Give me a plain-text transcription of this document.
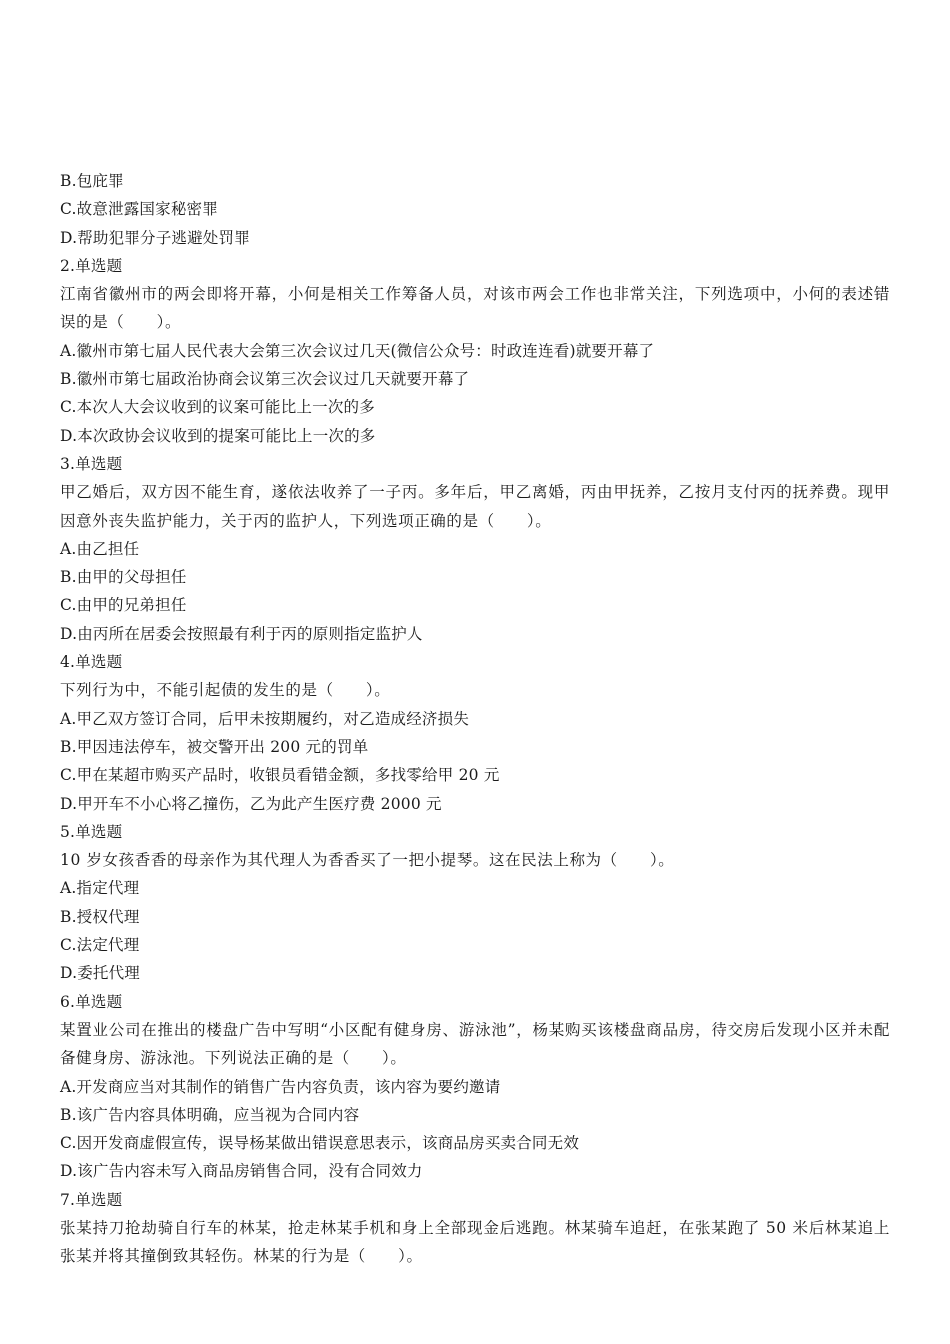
B.包庇罪
C.故意泄露国家秘密罪
D.帮助犯罪分子逃避处罚罪
2.单选题
江南省徽州市的两会即将开幕，小何是相关工作筹备人员，对该市两会工作也非常关注，下列选项中，小何的表述错误的是（　　）。
A.徽州市第七届人民代表大会第三次会议过几天(微信公众号：时政连连看)就要开幕了
B.徽州市第七届政治协商会议第三次会议过几天就要开幕了
C.本次人大会议收到的议案可能比上一次的多
D.本次政协会议收到的提案可能比上一次的多
3.单选题
甲乙婚后，双方因不能生育，遂依法收养了一子丙。多年后，甲乙离婚，丙由甲抚养，乙按月支付丙的抚养费。现甲因意外丧失监护能力，关于丙的监护人，下列选项正确的是（　　）。
A.由乙担任
B.由甲的父母担任
C.由甲的兄弟担任
D.由丙所在居委会按照最有利于丙的原则指定监护人
4.单选题
下列行为中，不能引起债的发生的是（　　）。
A.甲乙双方签订合同，后甲未按期履约，对乙造成经济损失
B.甲因违法停车，被交警开出 200 元的罚单
C.甲在某超市购买产品时，收银员看错金额，多找零给甲 20 元
D.甲开车不小心将乙撞伤，乙为此产生医疗费 2000 元
5.单选题
10 岁女孩香香的母亲作为其代理人为香香买了一把小提琴。这在民法上称为（　　）。
A.指定代理
B.授权代理
C.法定代理
D.委托代理
6.单选题
某置业公司在推出的楼盘广告中写明“小区配有健身房、游泳池”，杨某购买该楼盘商品房，待交房后发现小区并未配备健身房、游泳池。下列说法正确的是（　　）。
A.开发商应当对其制作的销售广告内容负责，该内容为要约邀请
B.该广告内容具体明确，应当视为合同内容
C.因开发商虚假宣传，误导杨某做出错误意思表示，该商品房买卖合同无效
D.该广告内容未写入商品房销售合同，没有合同效力
7.单选题
张某持刀抢劫骑自行车的林某，抢走林某手机和身上全部现金后逃跑。林某骑车追赶，在张某跑了 50 米后林某追上张某并将其撞倒致其轻伤。林某的行为是（　　）。
